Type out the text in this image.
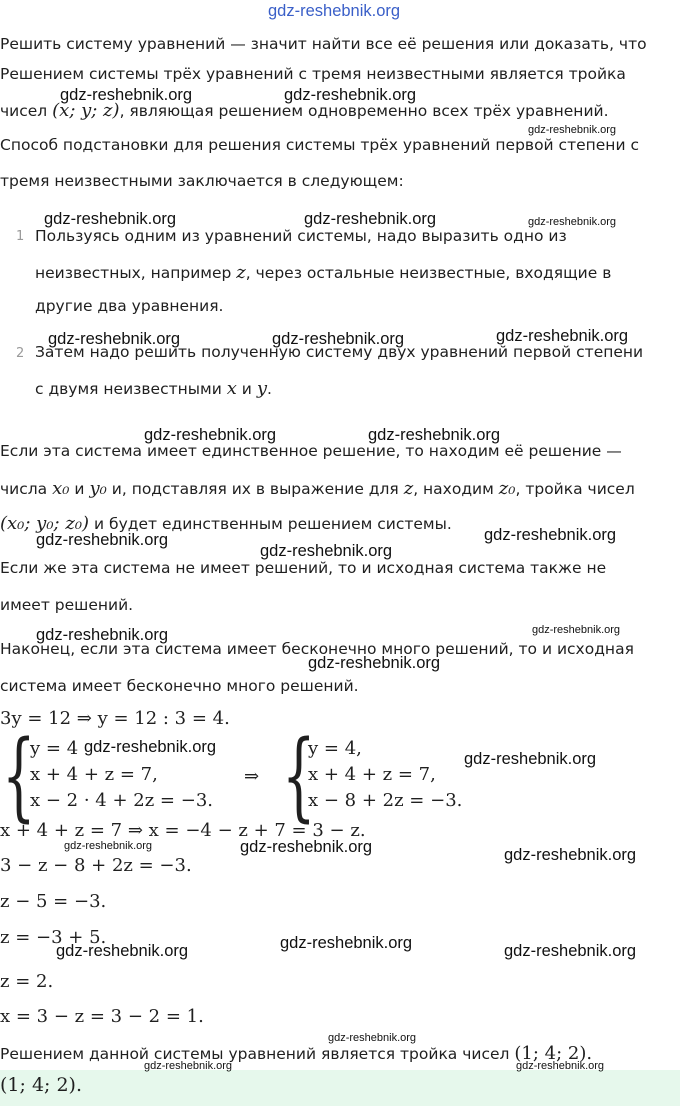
gdz-reshebnik.org
Решить систему уравнений — значит найти все её решения или доказать, что
Решением системы трёх уравнений с тремя неизвестными является тройка
чисел (x; y; z), являющая решением одновременно всех трёх уравнений.
Способ подстановки для решения системы трёх уравнений первой степени с
тремя неизвестными заключается в следующем:
1 Пользуясь одним из уравнений системы, надо выразить одно из
неизвестных, например z, через остальные неизвестные, входящие в
другие два уравнения.
2 Затем надо решить полученную систему двух уравнений первой степени
с двумя неизвестными x и y.
Если эта система имеет единственное решение, то находим её решение —
числа x₀ и y₀ и, подставляя их в выражение для z, находим z₀, тройка чисел
(x₀; y₀; z₀) и будет единственным решением системы.
Если же эта система не имеет решений, то и исходная система также не
имеет решений.
Наконец, если эта система имеет бесконечно много решений, то и исходная
система имеет бесконечно много решений.
3y = 12 ⇒ y = 12 : 3 = 4.
{
y = 4
x + 4 + z = 7,
x − 2 · 4 + 2z = −3.
⇒ {
y = 4,
x + 4 + z = 7,
x − 8 + 2z = −3.
x + 4 + z = 7 ⇒ x = −4 − z + 7 = 3 − z.
3 − z − 8 + 2z = −3.
z − 5 = −3.
z = −3 + 5.
z = 2.
x = 3 − z = 3 − 2 = 1.
Решением данной системы уравнений является тройка чисел (1; 4; 2).
(1; 4; 2).
gdz-reshebnik.org	gdz-reshebnik.org
gdz-reshebnik.org
gdz-reshebnik.org	gdz-reshebnik.org	gdz-reshebnik.org
gdz-reshebnik.org	gdz-reshebnik.org	gdz-reshebnik.org
gdz-reshebnik.org	gdz-reshebnik.org
gdz-reshebnik.org	gdz-reshebnik.org
gdz-reshebnik.org
gdz-reshebnik.org	gdz-reshebnik.org
gdz-reshebnik.org
gdz-reshebnik.org
gdz-reshebnik.org
gdz-reshebnik.org	gdz-reshebnik.org	gdz-reshebnik.org
gdz-reshebnik.org
gdz-reshebnik.org	gdz-reshebnik.org
gdz-reshebnik.org
gdz-reshebnik.org	gdz-reshebnik.org
